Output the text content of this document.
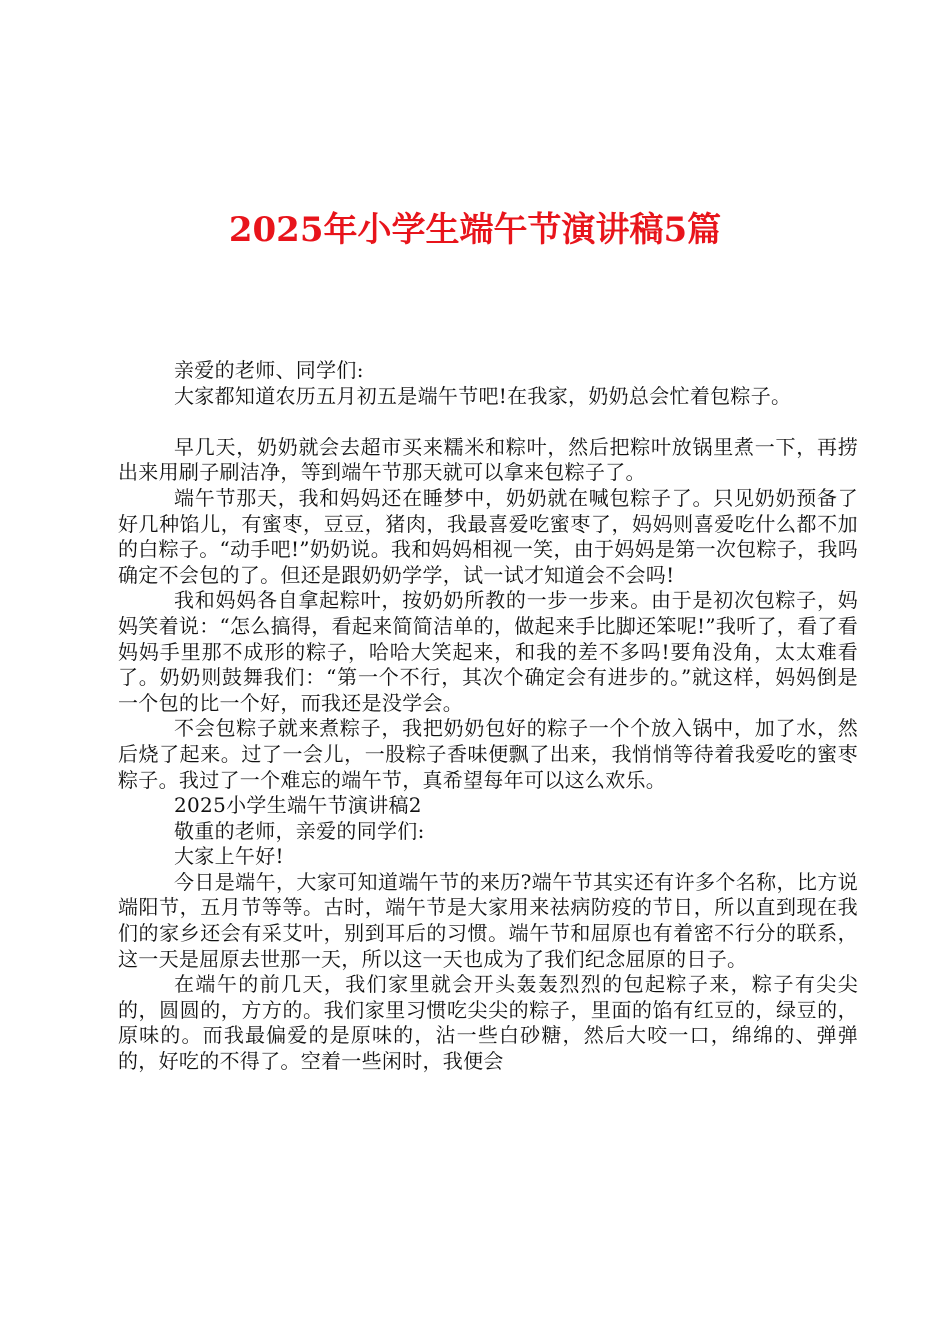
2025年小学生端午节演讲稿5篇

亲爱的老师、同学们:

大家都知道农历五月初五是端午节吧!在我家，奶奶总会忙着包粽子。

早几天，奶奶就会去超市买来糯米和粽叶，然后把粽叶放锅里煮一下，再捞出来用刷子刷洁净，等到端午节那天就可以拿来包粽子了。

端午节那天，我和妈妈还在睡梦中，奶奶就在喊包粽子了。只见奶奶预备了好几种馅儿，有蜜枣，豆豆，猪肉，我最喜爱吃蜜枣了，妈妈则喜爱吃什么都不加的白粽子。“动手吧!”奶奶说。我和妈妈相视一笑，由于妈妈是第一次包粽子，我吗确定不会包的了。但还是跟奶奶学学，试一试才知道会不会吗!

我和妈妈各自拿起粽叶，按奶奶所教的一步一步来。由于是初次包粽子，妈妈笑着说：“怎么搞得，看起来简简洁单的，做起来手比脚还笨呢!”我听了，看了看妈妈手里那不成形的粽子，哈哈大笑起来，和我的差不多吗!要角没角，太太难看了。奶奶则鼓舞我们：“第一个不行，其次个确定会有进步的。”就这样，妈妈倒是一个包的比一个好，而我还是没学会。

不会包粽子就来煮粽子，我把奶奶包好的粽子一个个放入锅中，加了水，然后烧了起来。过了一会儿，一股粽子香味便飘了出来，我悄悄等待着我爱吃的蜜枣粽子。我过了一个难忘的端午节，真希望每年可以这么欢乐。

2025小学生端午节演讲稿2

敬重的老师，亲爱的同学们:

大家上午好!

今日是端午，大家可知道端午节的来历?端午节其实还有许多个名称，比方说端阳节，五月节等等。古时，端午节是大家用来祛病防疫的节日，所以直到现在我们的家乡还会有采艾叶，别到耳后的习惯。端午节和屈原也有着密不行分的联系，这一天是屈原去世那一天，所以这一天也成为了我们纪念屈原的日子。

在端午的前几天，我们家里就会开头轰轰烈烈的包起粽子来，粽子有尖尖的，圆圆的，方方的。我们家里习惯吃尖尖的粽子，里面的馅有红豆的，绿豆的，原味的。而我最偏爱的是原味的，沾一些白砂糖，然后大咬一口，绵绵的、弹弹的，好吃的不得了。空着一些闲时，我便会
